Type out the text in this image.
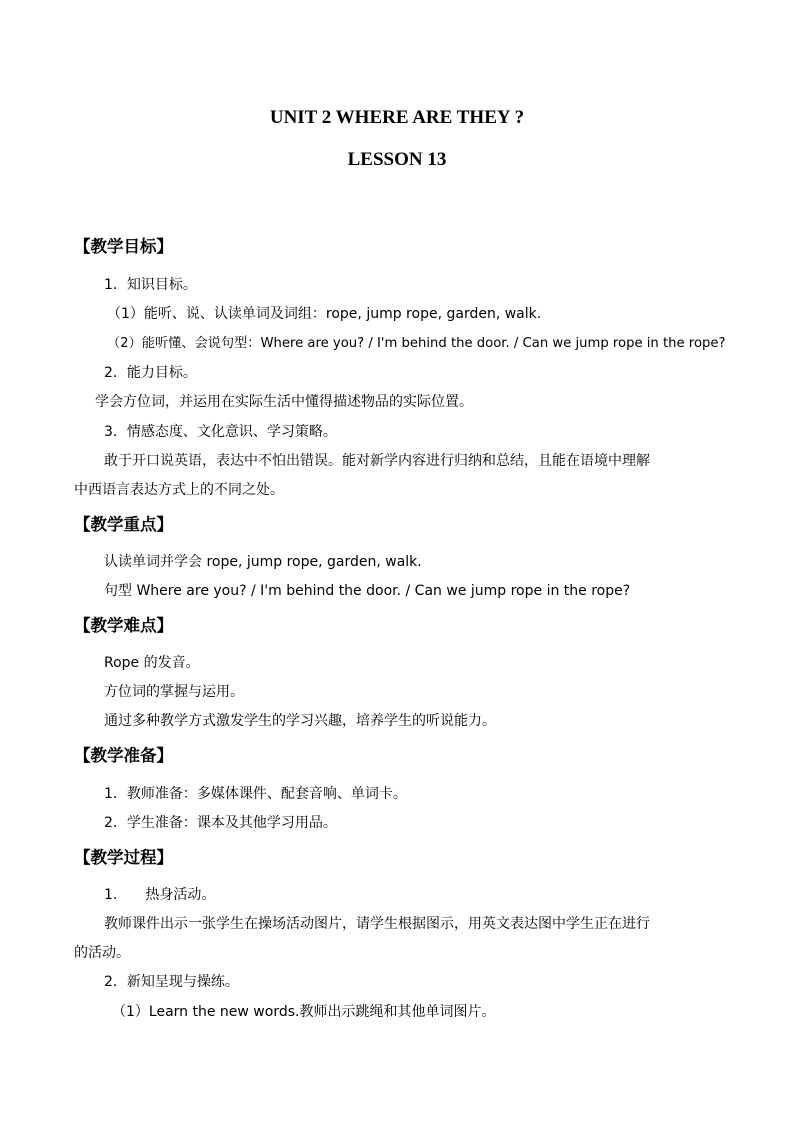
UNIT 2 WHERE ARE THEY ?
LESSON 13
【教学目标】
1．知识目标。
（1）能听、说、认读单词及词组：rope, jump rope, garden, walk.
（2）能听懂、会说句型：Where are you? / I'm behind the door. / Can we jump rope in the rope?
2．能力目标。
学会方位词，并运用在实际生活中懂得描述物品的实际位置。
3．情感态度、文化意识、学习策略。
敢于开口说英语，表达中不怕出错误。能对新学内容进行归纳和总结，且能在语境中理解
中西语言表达方式上的不同之处。
【教学重点】
认读单词并学会 rope, jump rope, garden, walk.
句型 Where are you? / I'm behind the door. / Can we jump rope in the rope?
【教学难点】
Rope 的发音。
方位词的掌握与运用。
通过多种教学方式激发学生的学习兴趣，培养学生的听说能力。
【教学准备】
1．教师准备：多媒体课件、配套音响、单词卡。
2．学生准备：课本及其他学习用品。
【教学过程】
1. 热身活动。
教师课件出示一张学生在操场活动图片，请学生根据图示，用英文表达图中学生正在进行
的活动。
2．新知呈现与操练。
（1）Learn the new words.教师出示跳绳和其他单词图片。
